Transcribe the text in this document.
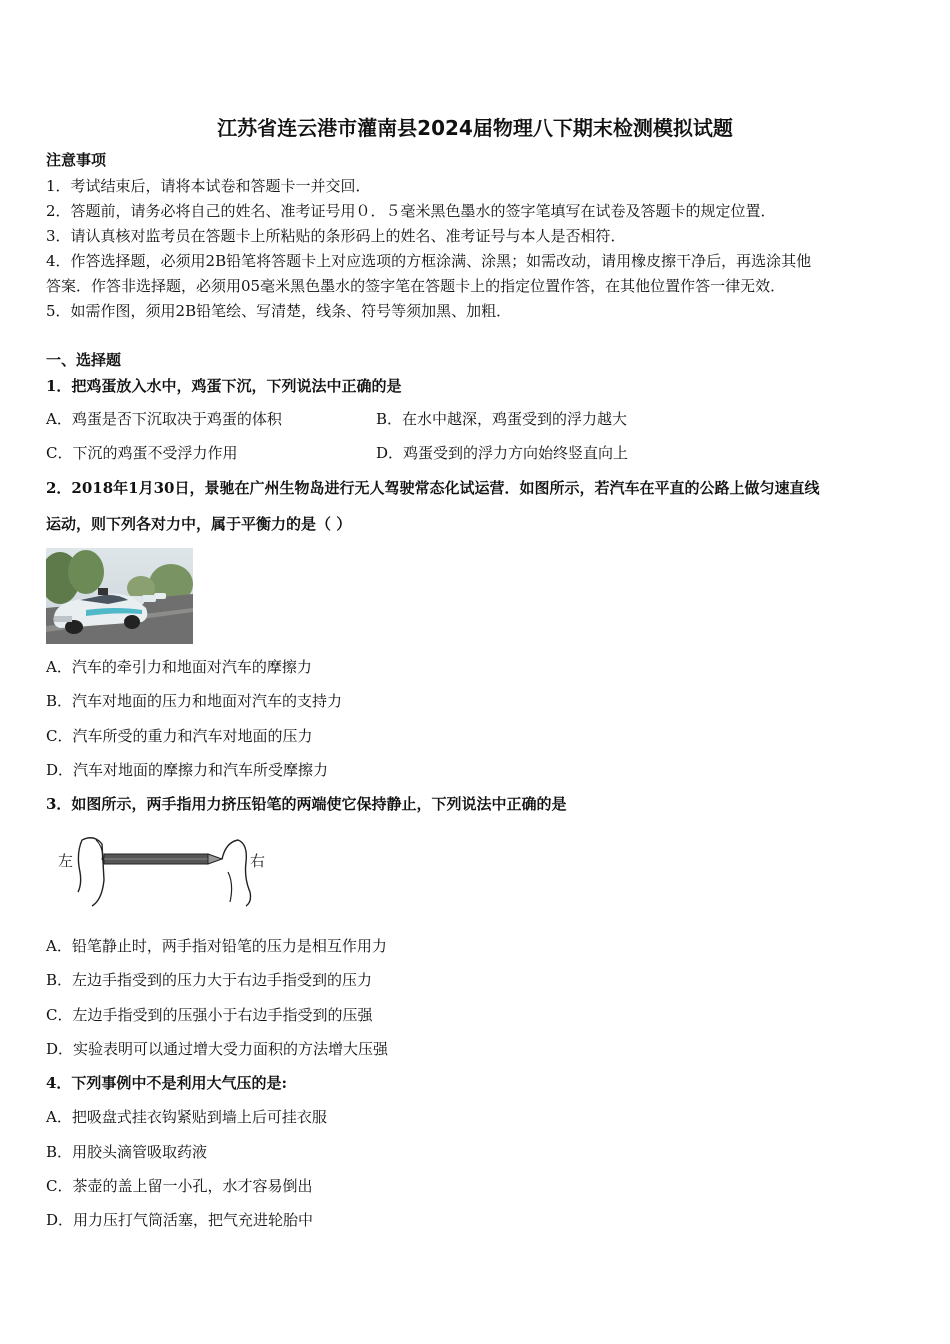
江苏省连云港市灌南县2024届物理八下期末检测模拟试题
注意事项
1．考试结束后，请将本试卷和答题卡一并交回．
2．答题前，请务必将自己的姓名、准考证号用０．５毫米黑色墨水的签字笔填写在试卷及答题卡的规定位置．
3．请认真核对监考员在答题卡上所粘贴的条形码上的姓名、准考证号与本人是否相符．
4．作答选择题，必须用2B铅笔将答题卡上对应选项的方框涂满、涂黑；如需改动，请用橡皮擦干净后，再选涂其他
答案．作答非选择题，必须用05毫米黑色墨水的签字笔在答题卡上的指定位置作答，在其他位置作答一律无效．
5．如需作图，须用2B铅笔绘、写清楚，线条、符号等须加黑、加粗．
一、选择题
1．把鸡蛋放入水中，鸡蛋下沉，下列说法中正确的是
A．鸡蛋是否下沉取决于鸡蛋的体积	B．在水中越深，鸡蛋受到的浮力越大
C．下沉的鸡蛋不受浮力作用	D．鸡蛋受到的浮力方向始终竖直向上
2．2018年1月30日，景驰在广州生物岛进行无人驾驶常态化试运营．如图所示，若汽车在平直的公路上做匀速直线
运动，则下列各对力中，属于平衡力的是（ ）
A．汽车的牵引力和地面对汽车的摩擦力
B．汽车对地面的压力和地面对汽车的支持力
C．汽车所受的重力和汽车对地面的压力
D．汽车对地面的摩擦力和汽车所受摩擦力
3．如图所示，两手指用力挤压铅笔的两端使它保持静止，下列说法中正确的是
左	右
A．铅笔静止时，两手指对铅笔的压力是相互作用力
B．左边手指受到的压力大于右边手指受到的压力
C．左边手指受到的压强小于右边手指受到的压强
D．实验表明可以通过增大受力面积的方法增大压强
4．下列事例中不是利用大气压的是:
A．把吸盘式挂衣钩紧贴到墙上后可挂衣服
B．用胶头滴管吸取药液
C．茶壶的盖上留一小孔，水才容易倒出
D．用力压打气筒活塞，把气充进轮胎中
